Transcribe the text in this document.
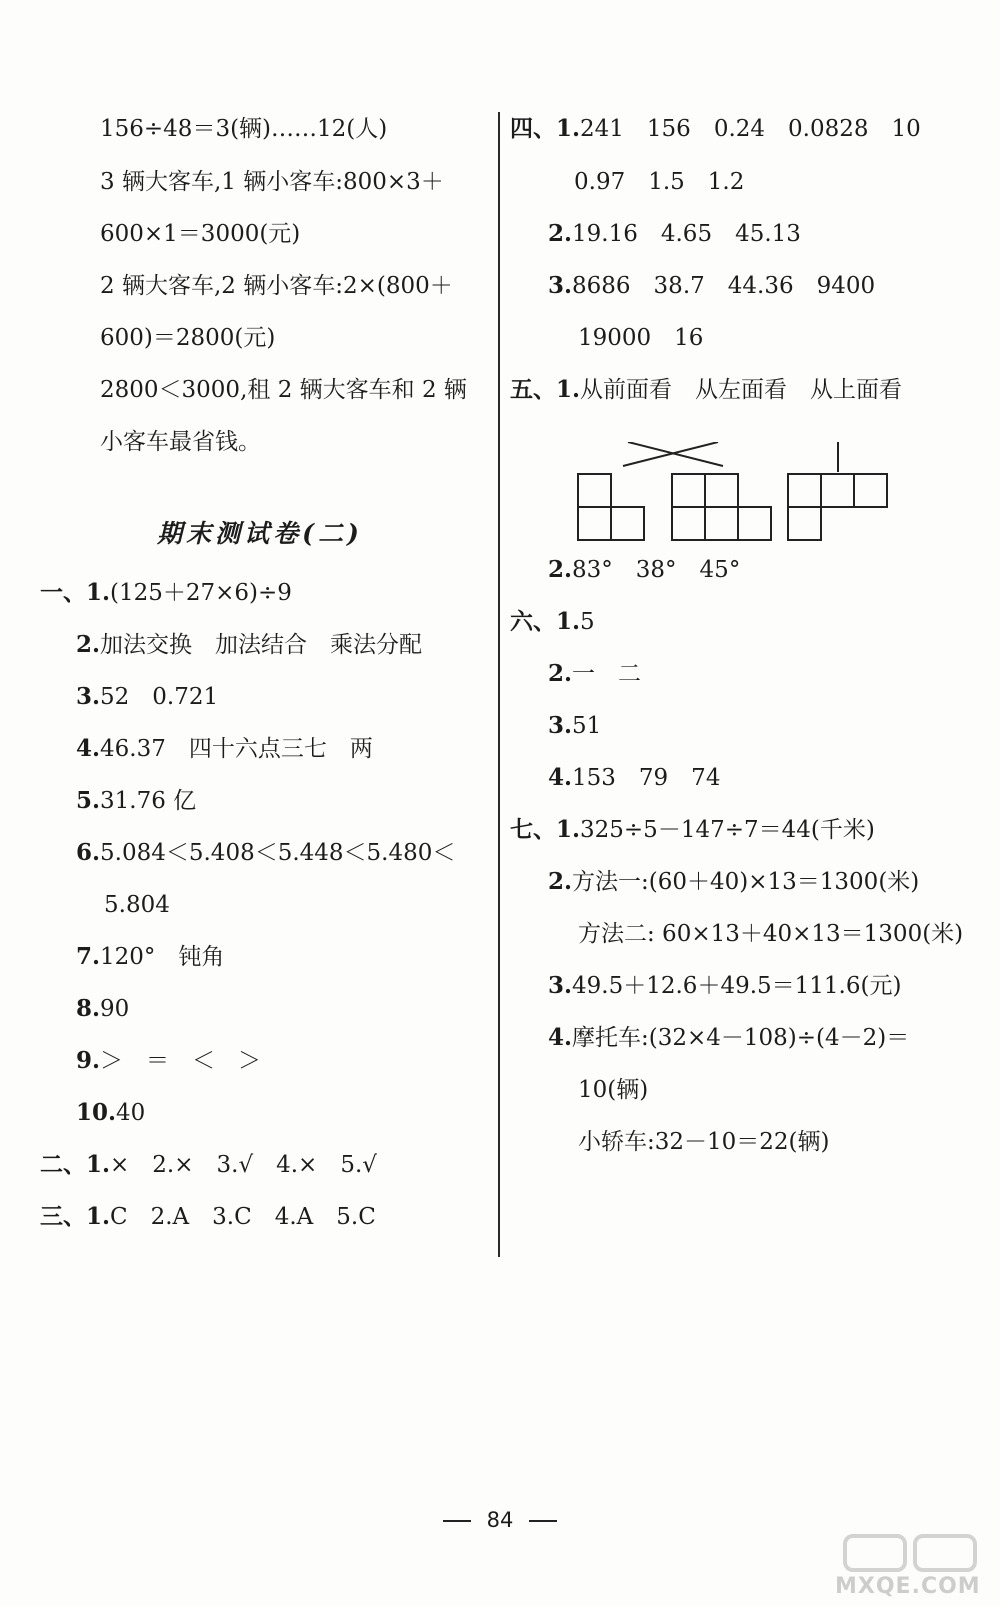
156÷48＝3(辆)……12(人)
3 辆大客车,1 辆小客车:800×3＋
600×1＝3000(元)
2 辆大客车,2 辆小客车:2×(800＋
600)＝2800(元)
2800＜3000,租 2 辆大客车和 2 辆
小客车最省钱。
期末测试卷(二)
一、1.(125＋27×6)÷9
2.加法交换　加法结合　乘法分配
3.52　0.721
4.46.37　四十六点三七　两
5.31.76 亿
6.5.084＜5.408＜5.448＜5.480＜
5.804
7.120°　钝角
8.90
9.＞　＝　＜　＞
10.40
二、1.×　2.×　3.√　4.×　5.√
三、1.C　2.A　3.C　4.A　5.C
四、1.241　156　0.24　0.0828　10
0.97　1.5　1.2
2.19.16　4.65　45.13
3.8686　38.7　44.36　9400
19000　16
五、1.从前面看　从左面看　从上面看
2.83°　38°　45°
六、1.5
2.一　二
3.51
4.153　79　74
七、1.325÷5－147÷7＝44(千米)
2.方法一:(60＋40)×13＝1300(米)
方法二: 60×13＋40×13＝1300(米)
3.49.5＋12.6＋49.5＝111.6(元)
4.摩托车:(32×4－108)÷(4－2)＝
10(辆)
小轿车:32－10＝22(辆)
84
MXQE.COM
